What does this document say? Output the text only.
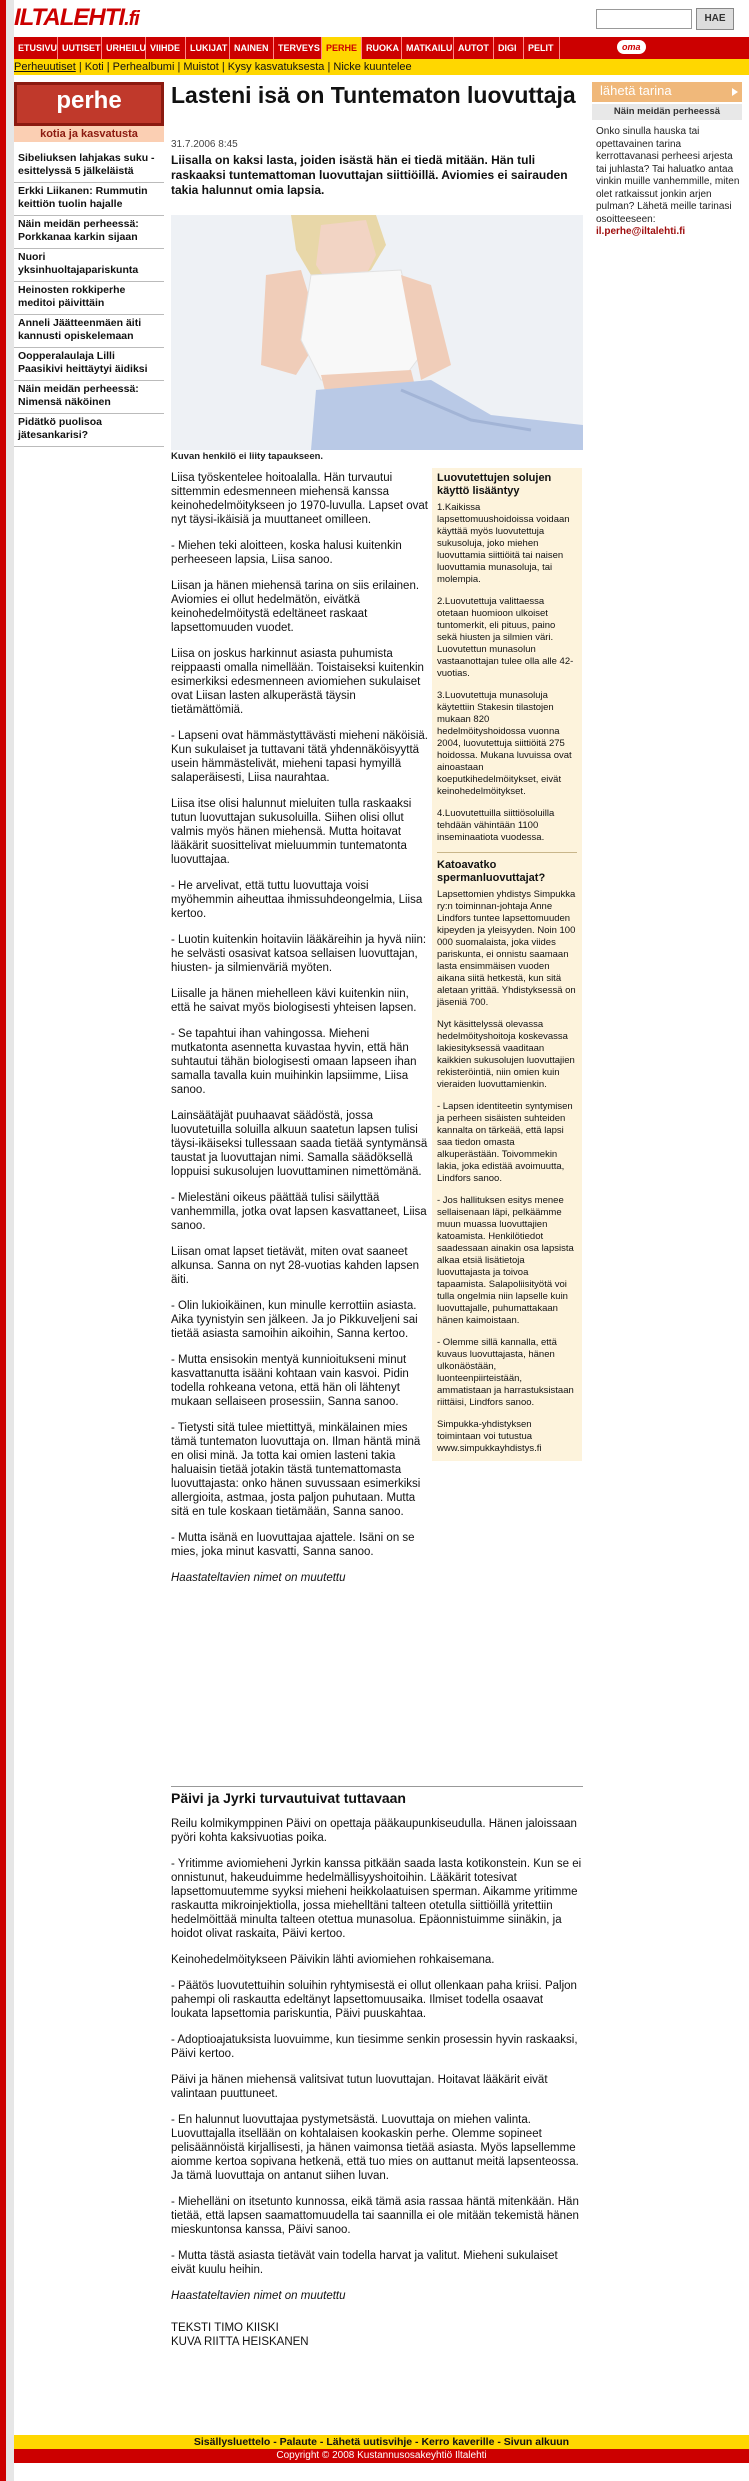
ILTALEHTI.fi	HAE
PELIT
DIGI
AUTOT
MATKAILU
RUOKA
PERHE
TERVEYS
NAINEN
LUKIJAT
VIIHDE
URHEILU
UUTISET
ETUSIVU	oma
Perheuutiset | Koti | Perhealbumi | Muistot | Kysy kasvatuksesta | Nicke kuuntelee
perhe
kotia ja kasvatusta
Sibeliuksen lahjakas suku - esittelyssä 5 jälkeläistä
Erkki Liikanen: Rummutin keittiön tuolin hajalle
Näin meidän perheessä: Porkkanaa karkin sijaan
Nuori yksinhuoltajapariskunta
Heinosten rokkiperhe meditoi päivittäin
Anneli Jäätteenmäen äiti kannusti opiskelemaan
Oopperalaulaja Lilli Paasikivi heittäytyi äidiksi
Näin meidän perheessä: Nimensä näköinen
Pidätkö puolisoa jätesankarisi?
Lasteni isä on Tuntematon luovuttaja
31.7.2006 8:45
Liisalla on kaksi lasta, joiden isästä hän ei tiedä mitään. Hän tuli raskaaksi tuntemattoman luovuttajan siittiöillä. Aviomies ei sairauden takia halunnut omia lapsia.
Kuvan henkilö ei liity tapaukseen.

Liisa työskentelee hoitoalalla. Hän turvautui sittemmin edesmenneen miehensä kanssa keinohedelmöitykseen jo 1970-luvulla. Lapset ovat nyt täysi-ikäisiä ja muuttaneet omilleen.

- Miehen teki aloitteen, koska halusi kuitenkin perheeseen lapsia, Liisa sanoo.

Liisan ja hänen miehensä tarina on siis erilainen. Aviomies ei ollut hedelmätön, eivätkä keinohedelmöitystä edeltäneet raskaat lapsettomuuden vuodet.

Liisa on joskus harkinnut asiasta puhumista reippaasti omalla nimellään. Toistaiseksi kuitenkin esimerkiksi edesmenneen aviomiehen sukulaiset ovat Liisan lasten alkuperästä täysin tietämättömiä.

- Lapseni ovat hämmästyttävästi mieheni näköisiä. Kun sukulaiset ja tuttavani tätä yhdennäköisyyttä usein hämmästelivät, mieheni tapasi hymyillä salaperäisesti, Liisa naurahtaa.

Liisa itse olisi halunnut mieluiten tulla raskaaksi tutun luovuttajan sukusoluilla. Siihen olisi ollut valmis myös hänen miehensä. Mutta hoitavat lääkärit suosittelivat mieluummin tuntematonta luovuttajaa.

- He arvelivat, että tuttu luovuttaja voisi myöhemmin aiheuttaa ihmissuhdeongelmia, Liisa kertoo.

- Luotin kuitenkin hoitaviin lääkäreihin ja hyvä niin: he selvästi osasivat katsoa sellaisen luovuttajan, hiusten- ja silmienväriä myöten.

Liisalle ja hänen miehelleen kävi kuitenkin niin, että he saivat myös biologisesti yhteisen lapsen.

- Se tapahtui ihan vahingossa. Mieheni mutkatonta asennetta kuvastaa hyvin, että hän suhtautui tähän biologisesti omaan lapseen ihan samalla tavalla kuin muihinkin lapsiimme, Liisa sanoo.

Lainsäätäjät puuhaavat säädöstä, jossa luovutetuilla soluilla alkuun saatetun lapsen tulisi täysi-ikäiseksi tullessaan saada tietää syntymänsä taustat ja luovuttajan nimi. Samalla säädöksellä loppuisi sukusolujen luovuttaminen nimettömänä.

- Mielestäni oikeus päättää tulisi säilyttää vanhemmilla, jotka ovat lapsen kasvattaneet, Liisa sanoo.

Liisan omat lapset tietävät, miten ovat saaneet alkunsa. Sanna on nyt 28-vuotias kahden lapsen äiti.

- Olin lukioikäinen, kun minulle kerrottiin asiasta. Aika tyynistyin sen jälkeen. Ja jo Pikkuveljeni sai tietää asiasta samoihin aikoihin, Sanna kertoo.

- Mutta ensisokin mentyä kunnioitukseni minut kasvattanutta isääni kohtaan vain kasvoi. Pidin todella rohkeana vetona, että hän oli lähtenyt mukaan sellaiseen prosessiin, Sanna sanoo.

- Tietysti sitä tulee miettittyä, minkälainen mies tämä tuntematon luovuttaja on. Ilman häntä minä en olisi minä. Ja totta kai omien lasteni takia haluaisin tietää jotakin tästä tuntemattomasta luovuttajasta: onko hänen suvussaan esimerkiksi allergioita, astmaa, josta paljon puhutaan. Mutta sitä en tule koskaan tietämään, Sanna sanoo.

- Mutta isänä en luovuttajaa ajattele. Isäni on se mies, joka minut kasvatti, Sanna sanoo.

Haastateltavien nimet on muutettu

Luovutettujen solujen käyttö lisääntyy

1.Kaikissa lapsettomuushoidoissa voidaan käyttää myös luovutettuja sukusoluja, joko miehen luovuttamia siittiöitä tai naisen luovuttamia munasoluja, tai molempia.

2.Luovutettuja valittaessa otetaan huomioon ulkoiset tuntomerkit, eli pituus, paino sekä hiusten ja silmien väri. Luovutettun munasolun vastaanottajan tulee olla alle 42-vuotias.

3.Luovutettuja munasoluja käytettiin Stakesin tilastojen mukaan 820 hedelmöityshoidossa vuonna 2004, luovutettuja siittiöitä 275 hoidossa. Mukana luvuissa ovat ainoastaan koeputkihedelmöitykset, eivät keinohedelmöitykset.

4.Luovutettuilla siittiösoluilla tehdään vähintään 1100 inseminaatiota vuodessa.

Katoavatko spermanluovuttajat?

Lapsettomien yhdistys Simpukka ry:n toiminnan-johtaja Anne Lindfors tuntee lapsettomuuden kipeyden ja yleisyyden. Noin 100 000 suomalaista, joka viides pariskunta, ei onnistu saamaan lasta ensimmäisen vuoden aikana siitä hetkestä, kun sitä aletaan yrittää. Yhdistyksessä on jäseniä 700.

Nyt käsittelyssä olevassa hedelmöityshoitoja koskevassa lakiesityksessä vaaditaan kaikkien sukusolujen luovuttajien rekisteröintiä, niin omien kuin vieraiden luovuttamienkin.

- Lapsen identiteetin syntymisen ja perheen sisäisten suhteiden kannalta on tärkeää, että lapsi saa tiedon omasta alkuperästään. Toivommekin lakia, joka edistää avoimuutta, Lindfors sanoo.

- Jos hallituksen esitys menee sellaisenaan läpi, pelkäämme muun muassa luovuttajien katoamista. Henkilötiedot saadessaan ainakin osa lapsista alkaa etsiä lisätietoja luovuttajasta ja toivoa tapaamista. Salapoliisityötä voi tulla ongelmia niin lapselle kuin luovuttajalle, puhumattakaan hänen kaimoistaan.

- Olemme sillä kannalla, että kuvaus luovuttajasta, hänen ulkonäöstään, luonteenpiirteistään, ammatistaan ja harrastuksistaan riittäisi, Lindfors sanoo.

Simpukka-yhdistyksen toimintaan voi tutustua www.simpukkayhdistys.fi

Päivi ja Jyrki turvautuivat tuttavaan

Reilu kolmikymppinen Päivi on opettaja pääkaupunkiseudulla. Hänen jaloissaan pyöri kohta kaksivuotias poika.

- Yritimme aviomieheni Jyrkin kanssa pitkään saada lasta kotikonstein. Kun se ei onnistunut, hakeuduimme hedelmällisyyshoitoihin. Lääkärit totesivat lapsettomuutemme syyksi mieheni heikkolaatuisen sperman. Aikamme yritimme raskautta mikroinjektiolla, jossa miehelltäni talteen otetulla siittiöillä yritettiin hedelmöittää minulta talteen otettua munasolua. Epäonnistuimme siinäkin, ja hoidot olivat raskaita, Päivi kertoo.

Keinohedelmöitykseen Päivikin lähti aviomiehen rohkaisemana.

- Päätös luovutettuihin soluihin ryhtymisestä ei ollut ollenkaan paha kriisi. Paljon pahempi oli raskautta edeltänyt lapsettomuusaika. Ilmiset todella osaavat loukata lapsettomia pariskuntia, Päivi puuskahtaa.

- Adoptioajatuksista luovuimme, kun tiesimme senkin prosessin hyvin raskaaksi, Päivi kertoo.

Päivi ja hänen miehensä valitsivat tutun luovuttajan. Hoitavat lääkärit eivät valintaan puuttuneet.

- En halunnut luovuttajaa pystymetsästä. Luovuttaja on miehen valinta. Luovuttajalla itsellään on kohtalaisen kookaskin perhe. Olemme sopineet pelisäännöistä kirjallisesti, ja hänen vaimonsa tietää asiasta. Myös lapsellemme aiomme kertoa sopivana hetkenä, että tuo mies on auttanut meitä lapsenteossa. Ja tämä luovuttaja on antanut siihen luvan.

- Miehelläni on itsetunto kunnossa, eikä tämä asia rassaa häntä mitenkään. Hän tietää, että lapsen saamattomuudella tai saannilla ei ole mitään tekemistä hänen mieskuntonsa kanssa, Päivi sanoo.

- Mutta tästä asiasta tietävät vain todella harvat ja valitut. Mieheni sukulaiset eivät kuulu heihin.

Haastateltavien nimet on muutettu

TEKSTI TIMO KIISKI

KUVA RIITTA HEISKANEN

lähetä tarina
Näin meidän perheessä
Onko sinulla hauska tai opettavainen tarina kerrottavanasi perheesi arjesta tai juhlasta? Tai haluatko antaa vinkin muille vanhemmille, miten olet ratkaissut jonkin arjen pulman? Lähetä meille tarinasi osoitteeseen:
il.perhe@iltalehti.fi
Sisällysluettelo - Palaute - Lähetä uutisvihje - Kerro kaverille - Sivun alkuun
Copyright © 2008 Kustannusosakeyhtiö Iltalehti
